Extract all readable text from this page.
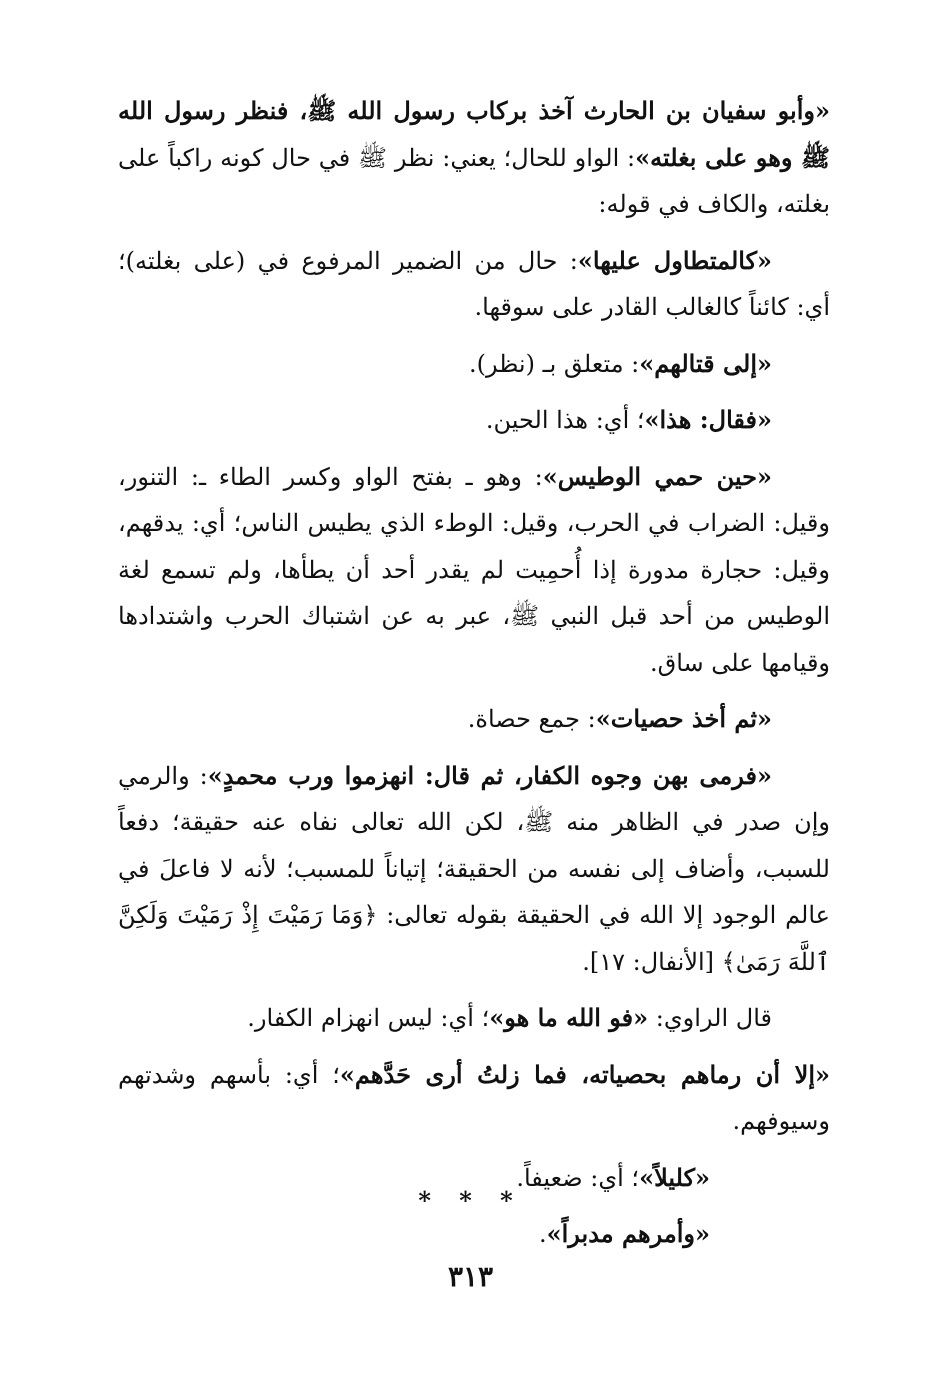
«وأبو سفيان بن الحارث آخذ بركاب رسول الله ﷺ، فنظر رسول الله ﷺ وهو على بغلته»: الواو للحال؛ يعني: نظر ﷺ في حال كونه راكباً على بغلته، والكاف في قوله:

«كالمتطاول عليها»: حال من الضمير المرفوع في (على بغلته)؛ أي: كائناً كالغالب القادر على سوقها.

«إلى قتالهم»: متعلق بـ (نظر).

«فقال: هذا»؛ أي: هذا الحين.

«حين حمي الوطيس»: وهو ـ بفتح الواو وكسر الطاء ـ: التنور، وقيل: الضراب في الحرب، وقيل: الوطء الذي يطيس الناس؛ أي: يدقهم، وقيل: حجارة مدورة إذا أُحمِيت لم يقدر أحد أن يطأها، ولم تسمع لغة الوطيس من أحد قبل النبي ﷺ، عبر به عن اشتباك الحرب واشتدادها وقيامها على ساق.

«ثم أخذ حصيات»: جمع حصاة.

«فرمى بهن وجوه الكفار، ثم قال: انهزموا ورب محمدٍ»: والرمي وإن صدر في الظاهر منه ﷺ، لكن الله تعالى نفاه عنه حقيقة؛ دفعاً للسبب، وأضاف إلى نفسه من الحقيقة؛ إتياناً للمسبب؛ لأنه لا فاعلَ في عالم الوجود إلا الله في الحقيقة بقوله تعالى: ﴿وَمَا رَمَيْتَ إِذْ رَمَيْتَ وَلَكِنَّ ٱللَّهَ رَمَىٰ﴾ [الأنفال: ١٧].

قال الراوي: «فو الله ما هو»؛ أي: ليس انهزام الكفار.

«إلا أن رماهم بحصياته، فما زلتُ أرى حَدَّهم»؛ أي: بأسهم وشدتهم وسيوفهم.

«كليلاً»؛ أي: ضعيفاً.

«وأمرهم مدبراً».

* * *
٣١٣
